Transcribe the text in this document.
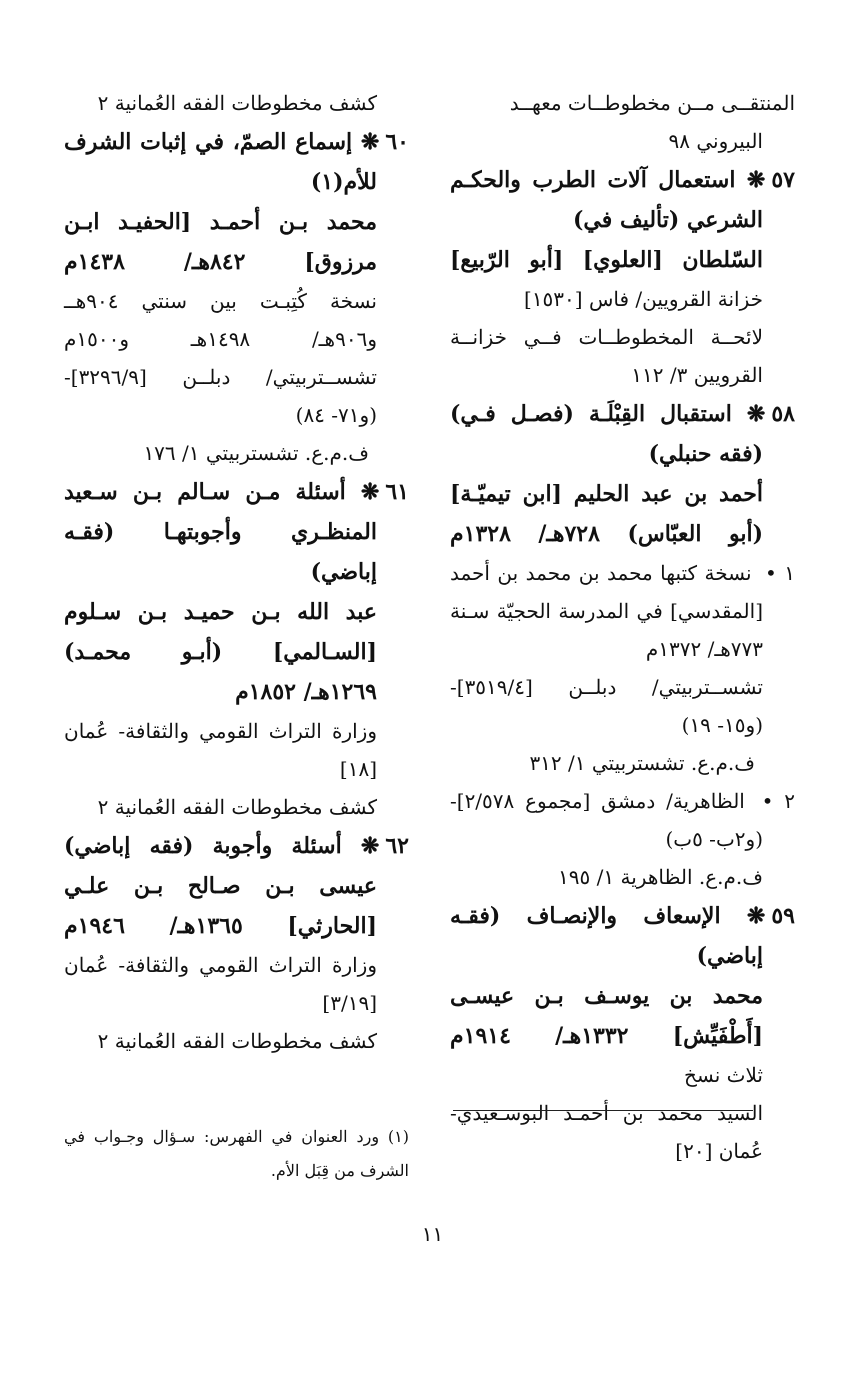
المنتقــى مــن مخطوطــات معهــد
البيروني ٩٨
٥٧❋ استعمال آلات الطرب والحكـم
الشرعي (تأليف في)
السّلطان [العلوي] [أبو الرّبيع]
خزانة القرويين/ فاس [١٥٣٠]
لائحــة المخطوطــات فــي خزانــة
القرويين ٣/ ١١٢
٥٨❋ استقبال القِبْلَـة (فصـل فـي)
(فقه حنبلي)
أحمد بن عبد الحليم [ابن تيميّـة]
(أبو العبّاس) ٧٢٨هـ/ ١٣٢٨م
١ • نسخة كتبها محمد بن محمد بن أحمد
[المقدسي] في المدرسة الحجيّة سـنة
٧٧٣هـ/ ١٣٧٢م
تشســتربيتي/ دبلــن [٣٥١٩/٤]-
(و١٥- ١٩)
ف.م.ع. تشستربيتي ١/ ٣١٢
٢ • الظاهرية/ دمشق [مجموع ٢/٥٧٨]-
(و٢ب- ٥ب)
ف.م.ع. الظاهرية ١/ ١٩٥
٥٩❋ الإسعاف والإنصـاف (فقـه
إباضي)
محمد بن يوسـف بـن عيسـى
[أَطْفَيِّش] ١٣٣٢هـ/ ١٩١٤م
ثلاث نسخ
السيد محمد بن أحمـد البوسـعيدي-
عُمان [٢٠]
كشف مخطوطات الفقه العُمانية ٢
٦٠❋ إسماع الصمّ، في إثبات الشرف
للأم(١)
محمد بـن أحمـد [الحفيـد ابـن
مرزوق] ٨٤٢هـ/ ١٤٣٨م
نسخة كُتِبـت بين سنتي ٩٠٤هــ
و٩٠٦هـ/ ١٤٩٨هـ و١٥٠٠م
تشســتربيتي/ دبلــن [٣٢٩٦/٩]-
(و٧١- ٨٤)
ف.م.ع. تشستربيتي ١/ ١٧٦
٦١❋ أسئلة مـن سـالم بـن سـعيد
المنظـري وأجوبتهـا (فقـه
إباضي)
عبد الله بـن حميـد بـن سـلوم
[السـالمي] (أبـو محمـد)
١٢٦٩هـ/ ١٨٥٢م
وزارة التراث القومي والثقافة- عُمان
[١٨]
كشف مخطوطات الفقه العُمانية ٢
٦٢❋ أسئلة وأجوبة (فقه إباضي)
عيسى بـن صـالح بـن علـي
[الحارثي] ١٣٦٥هـ/ ١٩٤٦م
وزارة التراث القومي والثقافة- عُمان
[٣/١٩]
كشف مخطوطات الفقه العُمانية ٢
(١) ورد العنوان في الفهرس: سـؤال وجـواب في
الشرف من قِبَل الأم.
١١
